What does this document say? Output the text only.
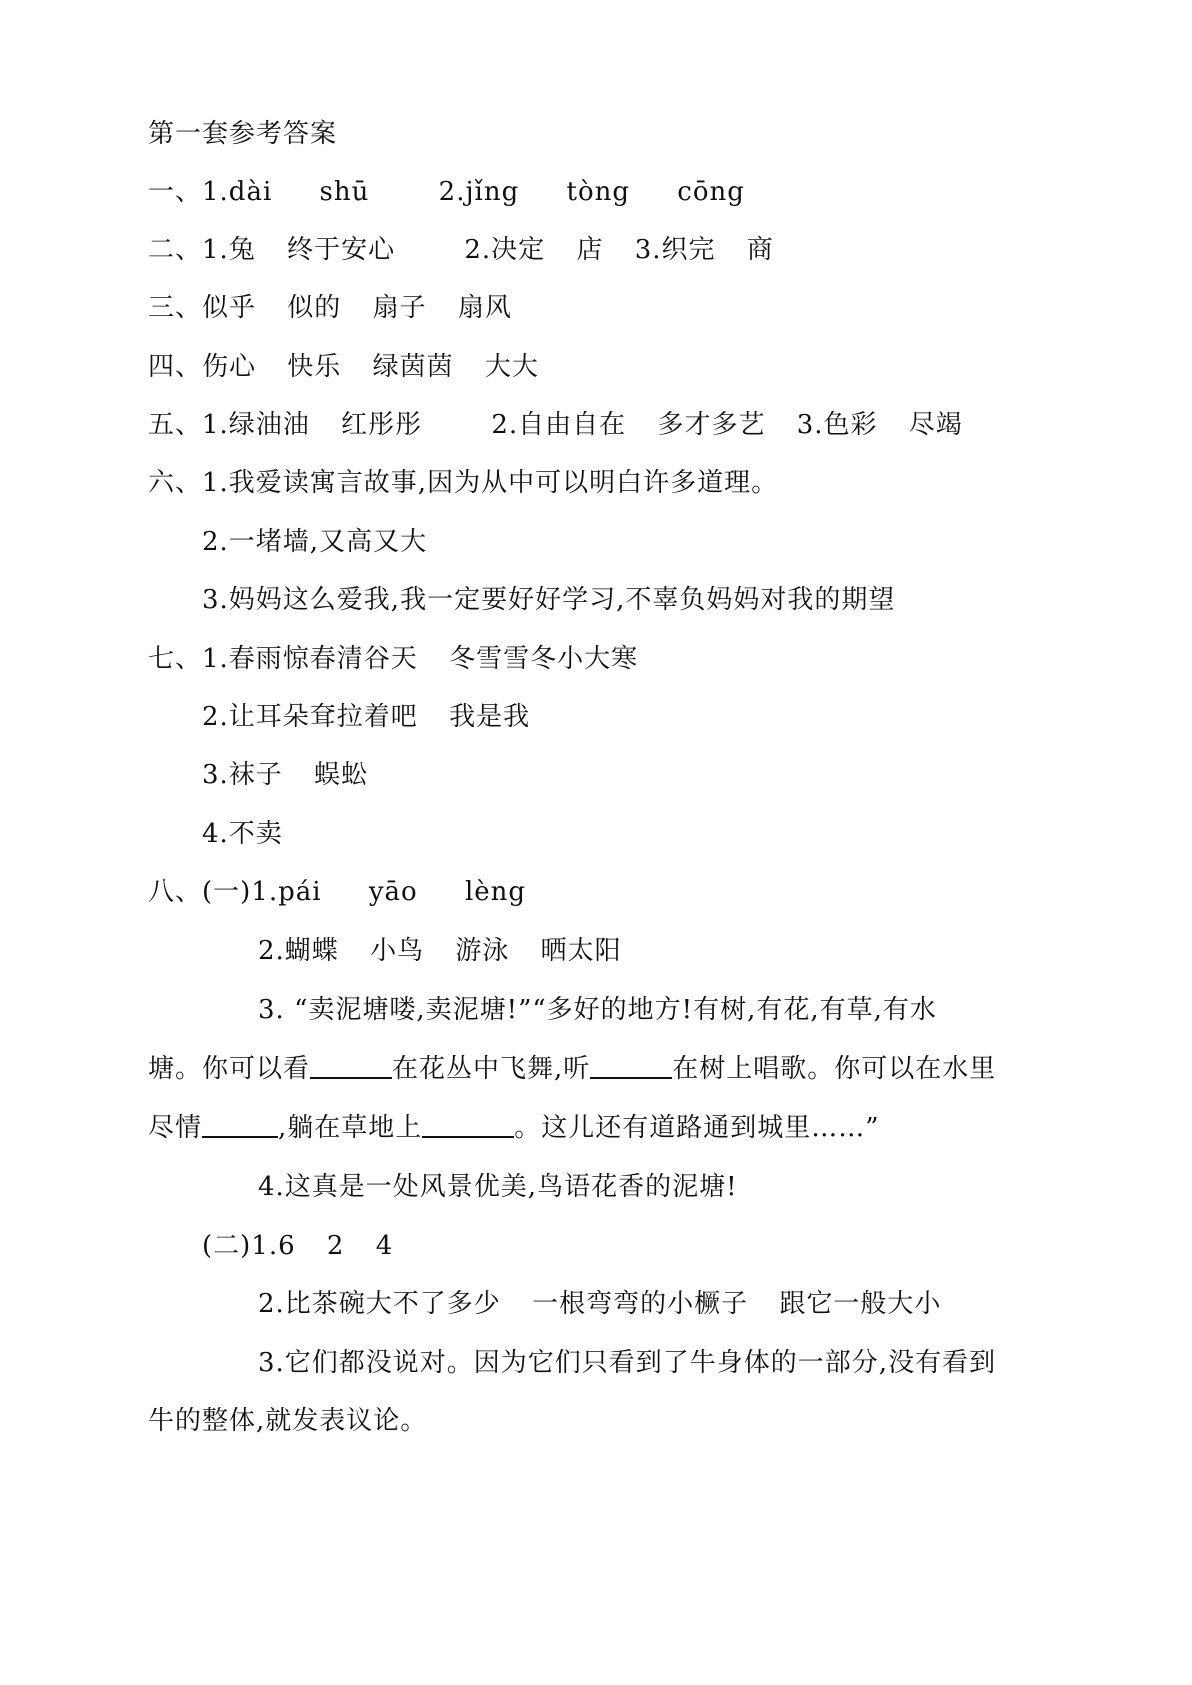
第一套参考答案
一、1.dài shū	2.jǐng tòng cōng
二、1.兔 终于安心	2.决定 店 3.织完 商
三、似乎 似的 扇子 扇风
四、伤心 快乐 绿茵茵 大大
五、1.绿油油 红彤彤	2.自由自在 多才多艺 3.色彩 尽竭
六、1.我爱读寓言故事,因为从中可以明白许多道理。
2.一堵墙,又高又大
3.妈妈这么爱我,我一定要好好学习,不辜负妈妈对我的期望
七、1.春雨惊春清谷天 冬雪雪冬小大寒
2.让耳朵耷拉着吧 我是我
3.袜子 蜈蚣
4.不卖
八、(一)1.pái yāo lèng
2.蝴蝶 小鸟 游泳 晒太阳
3. “卖泥塘喽,卖泥塘!”“多好的地方!有树,有花,有草,有水
塘。你可以看	在花丛中飞舞,听	在树上唱歌。你可以在水里
尽情	,躺在草地上	。这儿还有道路通到城里……”
4.这真是一处风景优美,鸟语花香的泥塘!
(二)1.6 2 4
2.比茶碗大不了多少 一根弯弯的小橛子 跟它一般大小
3.它们都没说对。因为它们只看到了牛身体的一部分,没有看到
牛的整体,就发表议论。
